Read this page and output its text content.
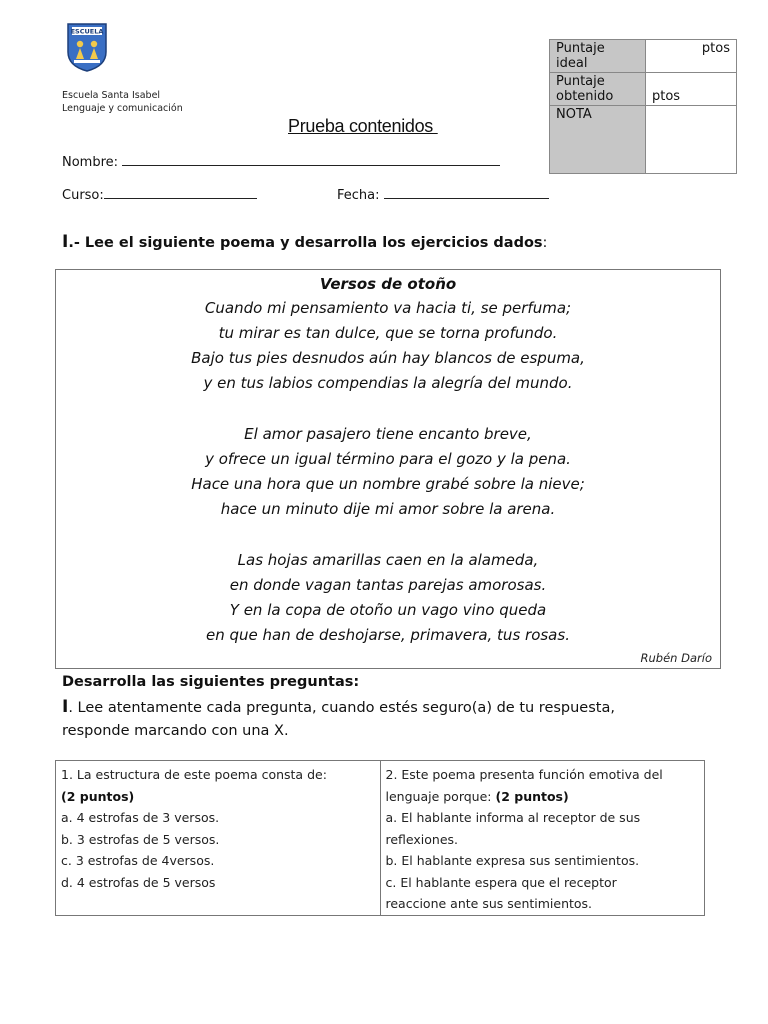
ESCUELA
Escuela Santa Isabel
Lenguaje y comunicación
Puntaje
ideal	ptos
Puntaje
obtenido	ptos

NOTA	
Prueba contenidos
Nombre:
Curso:	Fecha:
I.- Lee el siguiente poema y desarrolla los ejercicios dados:
Versos de otoño
Cuando mi pensamiento va hacia ti, se perfuma;
tu mirar es tan dulce, que se torna profundo.
Bajo tus pies desnudos aún hay blancos de espuma,
y en tus labios compendias la alegría del mundo.
El amor pasajero tiene encanto breve,
y ofrece un igual término para el gozo y la pena.
Hace una hora que un nombre grabé sobre la nieve;
hace un minuto dije mi amor sobre la arena.
Las hojas amarillas caen en la alameda,
en donde vagan tantas parejas amorosas.
Y en la copa de otoño un vago vino queda
en que han de deshojarse, primavera, tus rosas.
Rubén Darío
Desarrolla las siguientes preguntas:
I. Lee atentamente cada pregunta, cuando estés seguro(a) de tu respuesta,
responde marcando con una X.
1. La estructura de este poema consta de:
(2 puntos)
a. 4 estrofas de 3 versos.
b. 3 estrofas de 5 versos.
c. 3 estrofas de 4versos.
d. 4 estrofas de 5 versos

2. Este poema presenta función emotiva del
lenguaje porque: (2 puntos)
a. El hablante informa al receptor de sus
reflexiones.
b. El hablante expresa sus sentimientos.
c. El hablante espera que el receptor
reaccione ante sus sentimientos.
